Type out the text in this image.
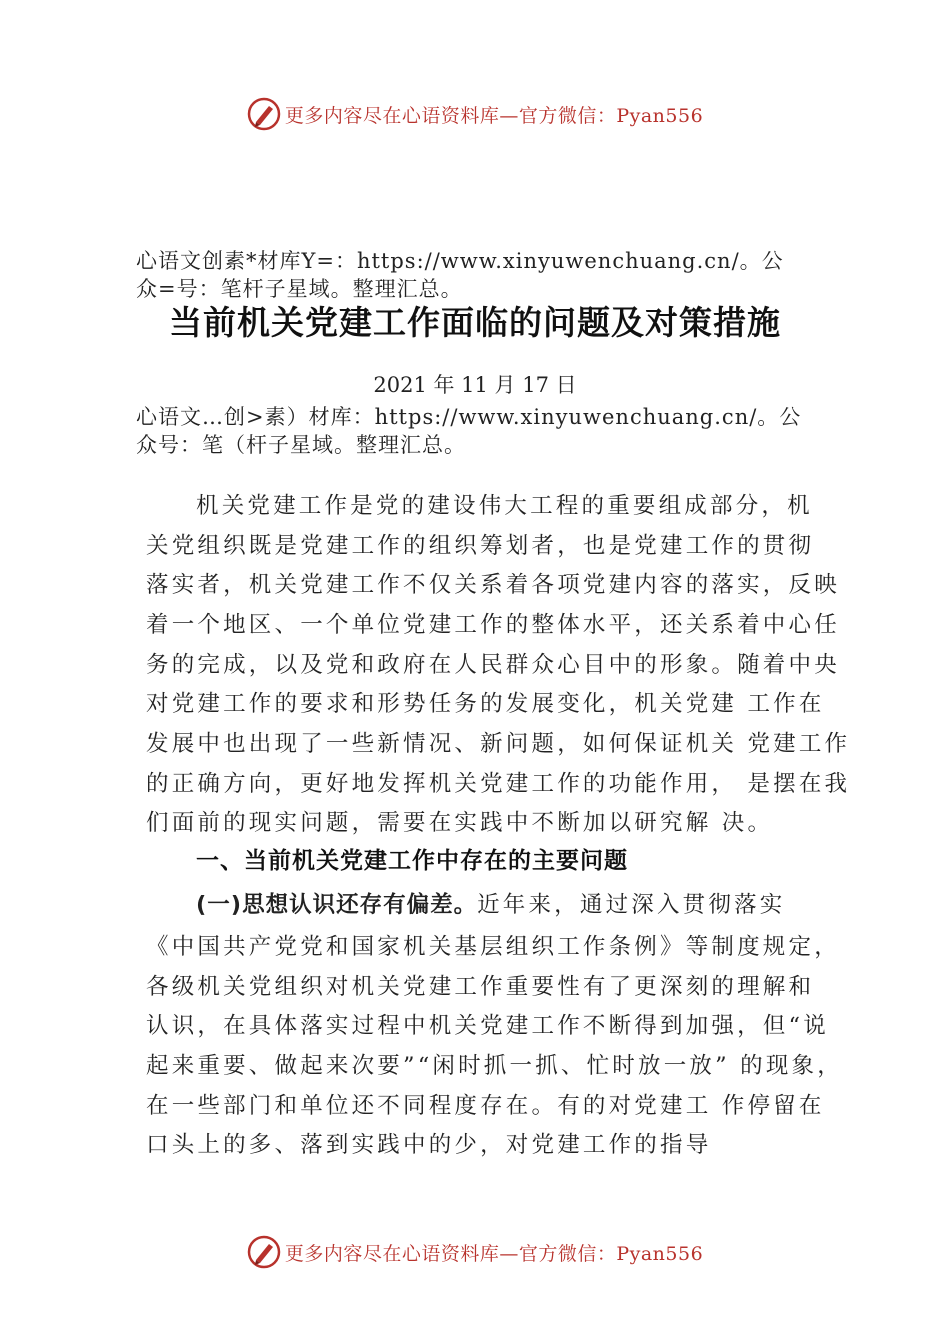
更多内容尽在心语资料库— 官方微信：Pyan556

心语文创素*材库Y=：https://www.xinyuwenchuang.cn/。公

众=号：笔杆子星域。整理汇总。

当前机关党建工作面临的问题及对策措施

2021 年 11 月 17 日

心语文…创>素）材库：https://www.xinyuwenchuang.cn/。公

众号：笔（杆子星域。整理汇总。

机关党建工作是党的建设伟大工程的重要组成部分，机

关党组织既是党建工作的组织筹划者，也是党建工作的贯彻

落实者，机关党建工作不仅关系着各项党建内容的落实，反映

着一个地区、一个单位党建工作的整体水平，还关系着中心任

务的完成，以及党和政府在人民群众心目中的形象。随着中央

对党建工作的要求和形势任务的发展变化，机关党建 工作在

发展中也出现了一些新情况、新问题，如何保证机关 党建工作

的正确方向，更好地发挥机关党建工作的功能作用， 是摆在我

们面前的现实问题，需要在实践中不断加以研究解 决。

一、当前机关党建工作中存在的主要问题

(一)思想认识还存有偏差。近年来，通过深入贯彻落实

《中国共产党党和国家机关基层组织工作条例》等制度规定，

各级机关党组织对机关党建工作重要性有了更深刻的理解和

认识，在具体落实过程中机关党建工作不断得到加强，但“说

起来重要、做起来次要”“闲时抓一抓、忙时放一放” 的现象，

在一些部门和单位还不同程度存在。有的对党建工 作停留在

口头上的多、落到实践中的少，对党建工作的指导

更多内容尽在心语资料库— 官方微信：Pyan556
